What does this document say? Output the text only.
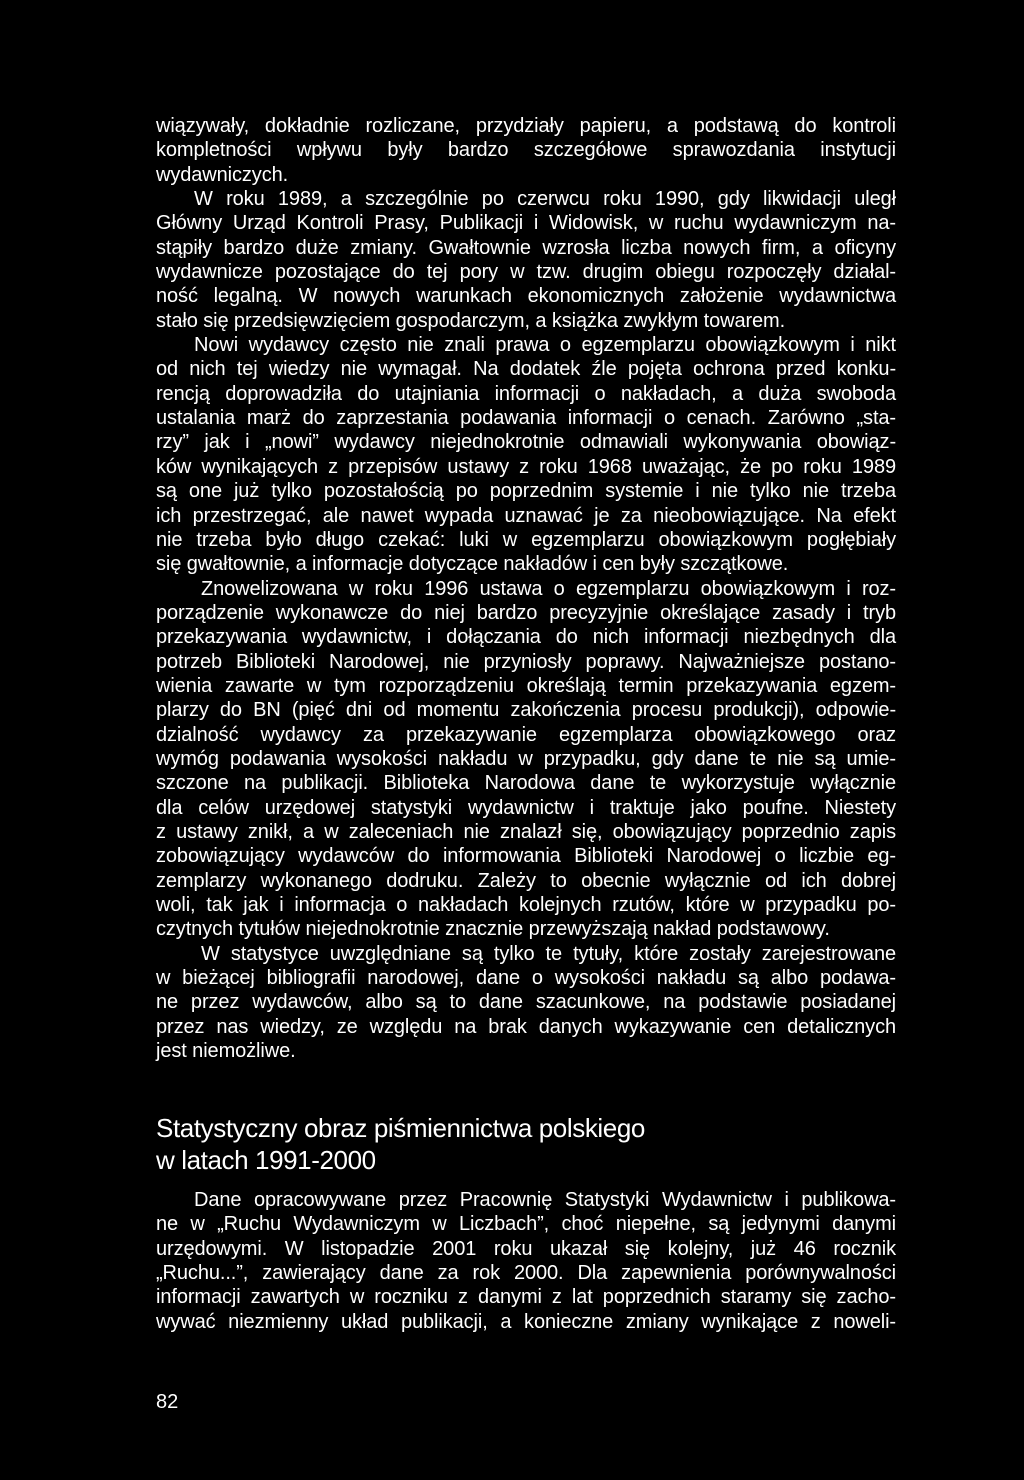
wiązywały, dokładnie rozliczane, przydziały papieru, a podstawą do kontroli
kompletności wpływu były bardzo szczegółowe sprawozdania instytucji
wydawniczych.
W roku 1989, a szczególnie po czerwcu roku 1990, gdy likwidacji uległ
Główny Urząd Kontroli Prasy, Publikacji i Widowisk, w ruchu wydawniczym na-
stąpiły bardzo duże zmiany. Gwałtownie wzrosła liczba nowych firm, a oficyny
wydawnicze pozostające do tej pory w tzw. drugim obiegu rozpoczęły działal-
ność legalną. W nowych warunkach ekonomicznych założenie wydawnictwa
stało się przedsięwzięciem gospodarczym, a książka zwykłym towarem.
Nowi wydawcy często nie znali prawa o egzemplarzu obowiązkowym i nikt
od nich tej wiedzy nie wymagał. Na dodatek źle pojęta ochrona przed konku-
rencją doprowadziła do utajniania informacji o nakładach, a duża swoboda
ustalania marż do zaprzestania podawania informacji o cenach. Zarówno „sta-
rzy” jak i „nowi” wydawcy niejednokrotnie odmawiali wykonywania obowiąz-
ków wynikających z przepisów ustawy z roku 1968 uważając, że po roku 1989
są one już tylko pozostałością po poprzednim systemie i nie tylko nie trzeba
ich przestrzegać, ale nawet wypada uznawać je za nieobowiązujące. Na efekt
nie trzeba było długo czekać: luki w egzemplarzu obowiązkowym pogłębiały
się gwałtownie, a informacje dotyczące nakładów i cen były szczątkowe.
Znowelizowana w roku 1996 ustawa o egzemplarzu obowiązkowym i roz-
porządzenie wykonawcze do niej bardzo precyzyjnie określające zasady i tryb
przekazywania wydawnictw, i dołączania do nich informacji niezbędnych dla
potrzeb Biblioteki Narodowej, nie przyniosły poprawy. Najważniejsze postano-
wienia zawarte w tym rozporządzeniu określają termin przekazywania egzem-
plarzy do BN (pięć dni od momentu zakończenia procesu produkcji), odpowie-
dzialność wydawcy za przekazywanie egzemplarza obowiązkowego oraz
wymóg podawania wysokości nakładu w przypadku, gdy dane te nie są umie-
szczone na publikacji. Biblioteka Narodowa dane te wykorzystuje wyłącznie
dla celów urzędowej statystyki wydawnictw i traktuje jako poufne. Niestety
z ustawy znikł, a w zaleceniach nie znalazł się, obowiązujący poprzednio zapis
zobowiązujący wydawców do informowania Biblioteki Narodowej o liczbie eg-
zemplarzy wykonanego dodruku. Zależy to obecnie wyłącznie od ich dobrej
woli, tak jak i informacja o nakładach kolejnych rzutów, które w przypadku po-
czytnych tytułów niejednokrotnie znacznie przewyższają nakład podstawowy.
W statystyce uwzględniane są tylko te tytuły, które zostały zarejestrowane
w bieżącej bibliografii narodowej, dane o wysokości nakładu są albo podawa-
ne przez wydawców, albo są to dane szacunkowe, na podstawie posiadanej
przez nas wiedzy, ze względu na brak danych wykazywanie cen detalicznych
jest niemożliwe.
Statystyczny obraz piśmiennictwa polskiego
w latach 1991-2000
Dane opracowywane przez Pracownię Statystyki Wydawnictw i publikowa-
ne w „Ruchu Wydawniczym w Liczbach”, choć niepełne, są jedynymi danymi
urzędowymi. W listopadzie 2001 roku ukazał się kolejny, już 46 rocznik
„Ruchu...”, zawierający dane za rok 2000. Dla zapewnienia porównywalności
informacji zawartych w roczniku z danymi z lat poprzednich staramy się zacho-
wywać niezmienny układ publikacji, a konieczne zmiany wynikające z noweli-
82
